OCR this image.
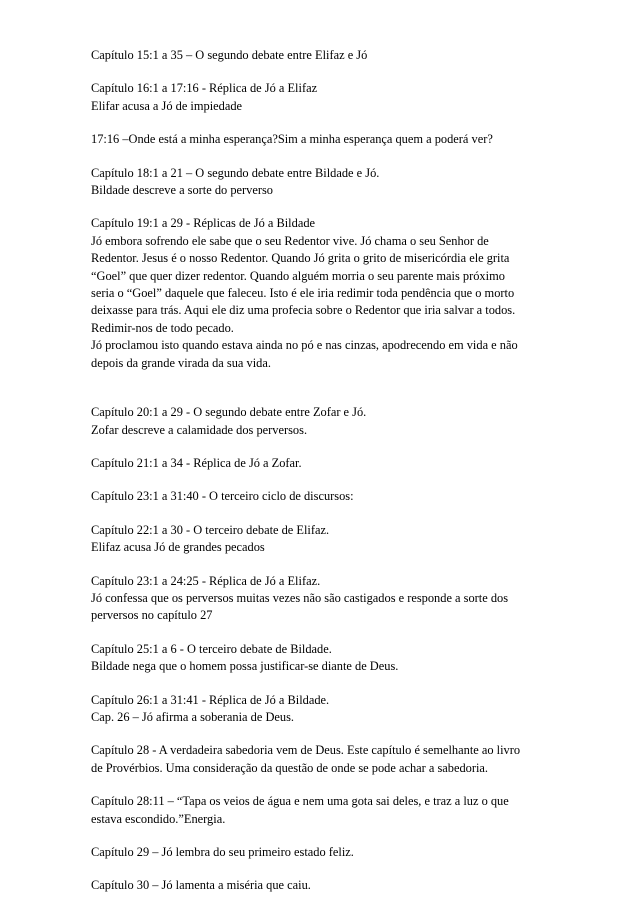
Capítulo 15:1 a 35 – O segundo debate entre Elifaz e Jó

Capítulo 16:1 a 17:16 - Réplica de Jó a Elifaz
Elifar acusa a Jó de impiedade

17:16 –Onde está a minha esperança?Sim a minha esperança quem a poderá ver?

Capítulo 18:1 a 21 – O segundo debate entre Bildade e Jó.
Bildade descreve a sorte do perverso

Capítulo 19:1 a 29 - Réplicas de Jó a Bildade
Jó embora sofrendo ele sabe que o seu Redentor vive. Jó chama o seu Senhor de
Redentor. Jesus é o nosso Redentor. Quando Jó grita o grito de misericórdia ele grita
“Goel” que quer dizer redentor. Quando alguém morria o seu parente mais próximo
seria o “Goel” daquele que faleceu. Isto é ele iria redimir toda pendência que o morto
deixasse para trás. Aqui ele diz uma profecia sobre o Redentor que iria salvar a todos.
Redimir-nos de todo pecado.
Jó proclamou isto quando estava ainda no pó e nas cinzas, apodrecendo em vida e não
depois da grande virada da sua vida.

Capítulo 20:1 a 29 - O segundo debate entre Zofar e Jó.
Zofar descreve a calamidade dos perversos.

Capítulo 21:1 a 34 - Réplica de Jó a Zofar.

Capítulo 23:1 a 31:40 - O terceiro ciclo de discursos:

Capítulo 22:1 a 30 - O terceiro debate de Elifaz.
Elifaz acusa Jó de grandes pecados

Capítulo 23:1 a 24:25 - Réplica de Jó a Elifaz.
Jó confessa que os perversos muitas vezes não são castigados e responde a sorte dos
perversos no capítulo 27

Capítulo 25:1 a 6 - O terceiro debate de Bildade.
Bildade nega que o homem possa justificar-se diante de Deus.

Capítulo 26:1 a 31:41 - Réplica de Jó a Bildade.
Cap. 26 – Jó afirma a soberania de Deus.

Capítulo 28 - A verdadeira sabedoria vem de Deus. Este capítulo é semelhante ao livro
de Provérbios. Uma consideração da questão de onde se pode achar a sabedoria.

Capítulo 28:11 – “Tapa os veios de água e nem uma gota sai deles, e traz a luz o que
estava escondido.”Energia.

Capítulo 29 – Jó lembra do seu primeiro estado feliz.

Capítulo 30 – Jó lamenta a miséria que caiu.
